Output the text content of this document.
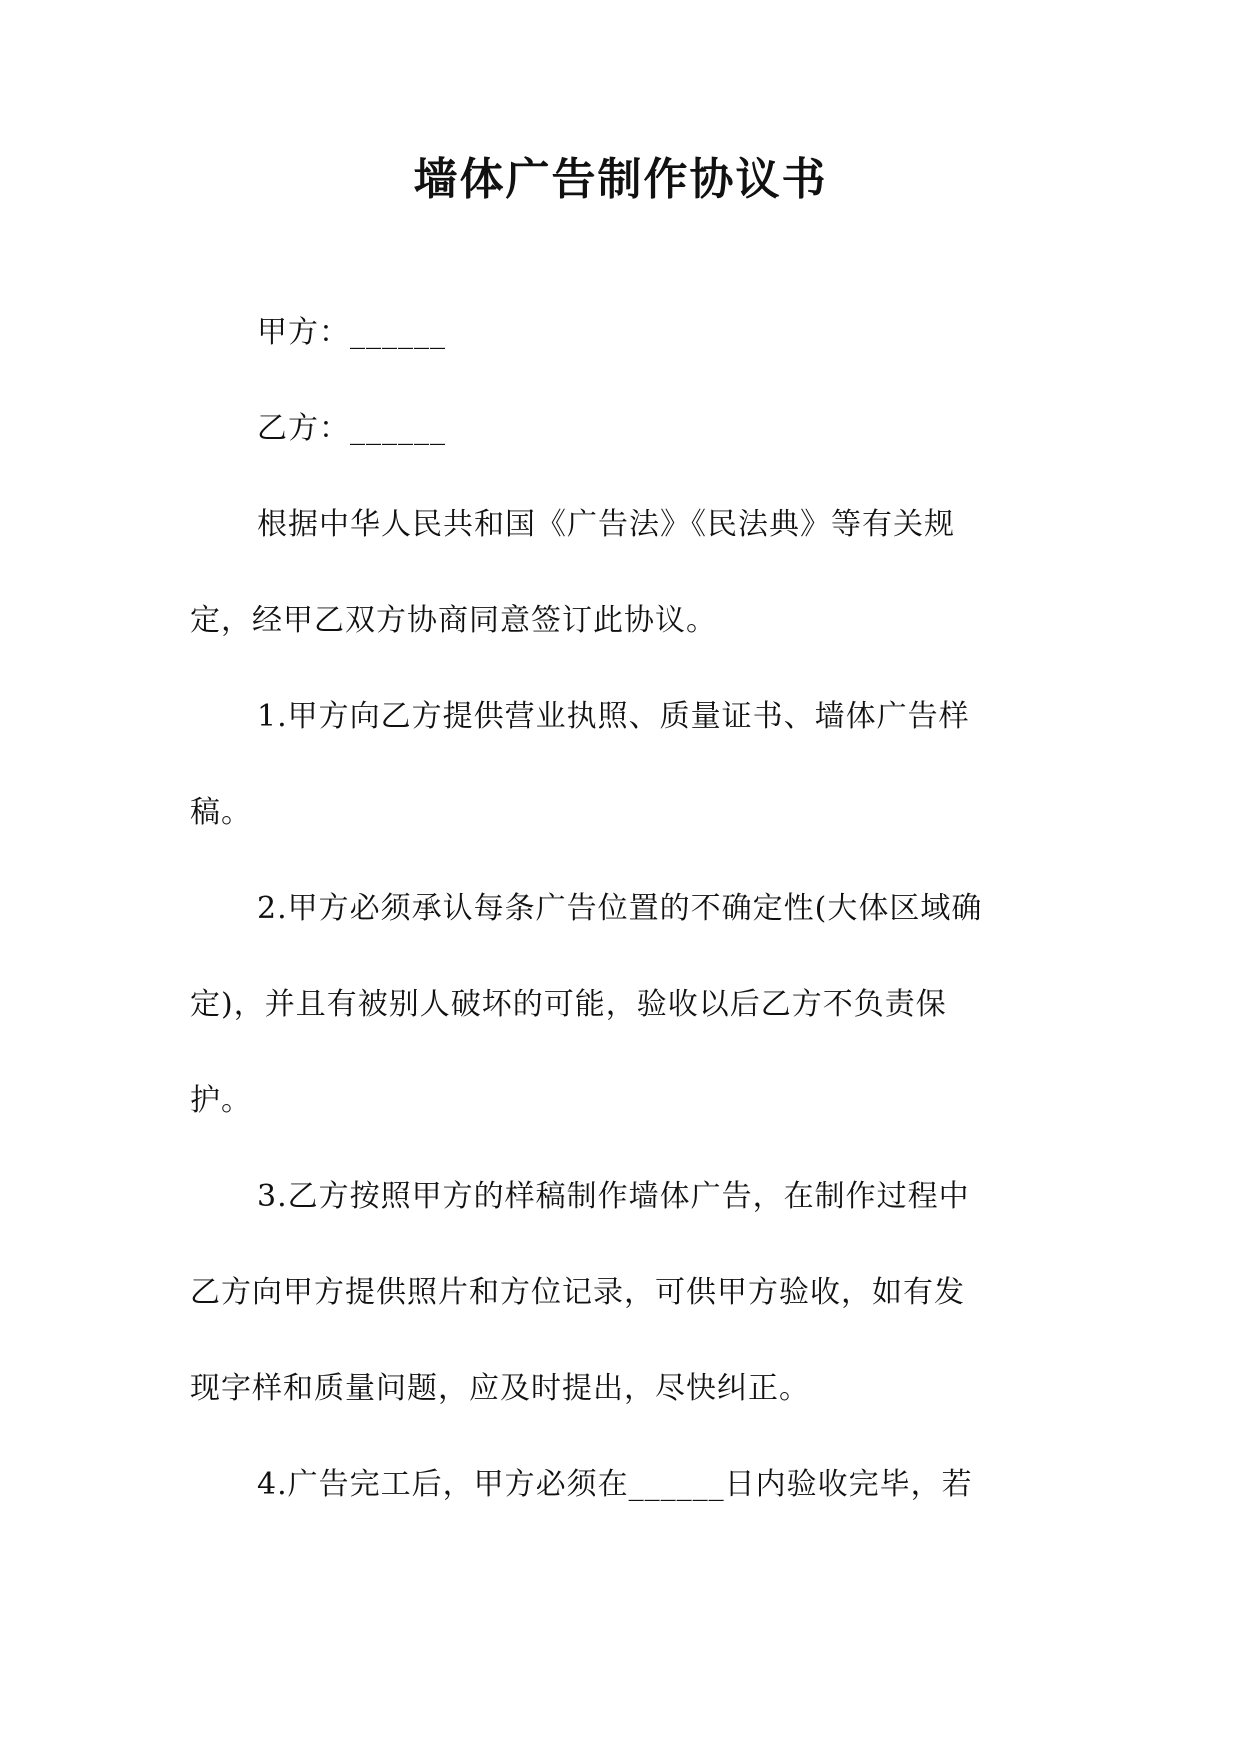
墙体广告制作协议书
甲方：______
乙方：______
根据中华人民共和国《广告法》《民法典》等有关规
定，经甲乙双方协商同意签订此协议。
1.甲方向乙方提供营业执照、质量证书、墙体广告样
稿。
2.甲方必须承认每条广告位置的不确定性(大体区域确
定)，并且有被别人破坏的可能，验收以后乙方不负责保
护。
3.乙方按照甲方的样稿制作墙体广告，在制作过程中
乙方向甲方提供照片和方位记录，可供甲方验收，如有发
现字样和质量问题，应及时提出，尽快纠正。
4.广告完工后，甲方必须在______日内验收完毕，若
